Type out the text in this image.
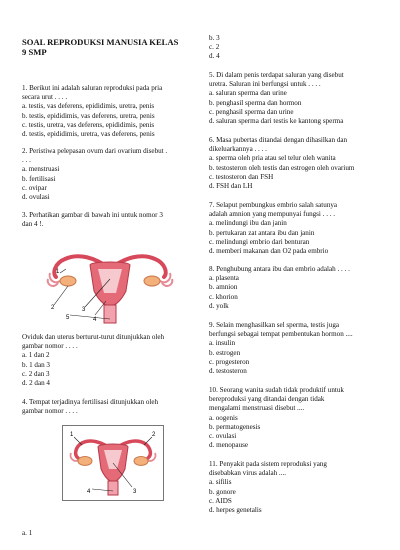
SOAL REPRODUKSI MANUSIA KELAS
9 SMP
1. Berikut ini adalah saluran reproduksi pada pria
secara urut . . . .
a. testis, vas deferens, epididimis, uretra, penis
b. testis, epididimis, vas deferens, uretra, penis
c. testis, uretra, vas deferens, epididimis, penis
d. testis, epididimis, uretra, vas deferens, penis
2. Peristiwa pelepasan ovum dari ovarium disebut .
. . .
a. menstruasi
b. fertilisasi
c. ovipar
d. ovulasi
3. Perhatikan gambar di bawah ini untuk nomor 3
dan 4 !.
1
2	3
4
5
Oviduk dan uterus berturut-turut ditunjukkan oleh
gambar nomor . . . .
a. 1 dan 2
b. 1 dan 3
c. 2 dan 3
d. 2 dan 4
4. Tempat terjadinya fertilisasi ditunjukkan oleh
gambar nomor . . . .
1	2
3
4
a. 1
b. 3
c. 2
d. 4
5. Di dalam penis terdapat saluran yang disebut
uretra. Saluran ini berfungsi untuk . . . .
a. saluran sperma dan urine
b. penghasil sperma dan hormon
c. penghasil sperma dan urine
d. saluran sperma dari testis ke kantong sperma
6. Masa pubertas ditandai dengan dihasilkan dan
dikeluarkannya . . . .
a. sperma oleh pria atau sel telur oleh wanita
b. testosteron oleh testis dan estrogen oleh ovarium
c. testosteron dan FSH
d. FSH dan LH
7. Selaput pembungkus embrio salah satunya
adalah amnion yang mempunyai fungsi . . . .
a. melindungi ibu dan janin
b. pertukaran zat antara ibu dan janin
c. melindungi embrio dari benturan
d. memberi makanan dan O2 pada embrio
8. Penghubung antara ibu dan embrio adalah . . . .
a. plasenta
b. amnion
c. khorion
d. yolk
9. Selain menghasilkan sel sperma, testis juga
berfungsi sebagai tempat pembentukan hormon ....
a. insulin
b. estrogen
c. progesteron
d. testosteron
10. Seorang wanita sudah tidak produktif untuk
bereproduksi yang ditandai dengan tidak
mengalami menstruasi disebut ....
a. oogenis
b. permatogenesis
c. ovulasi
d. menopause
11. Penyakit pada sistem reproduksi yang
disebabkan virus adalah ....
a. sifilis
b. gonore
c. AIDS
d. herpes genetalis
